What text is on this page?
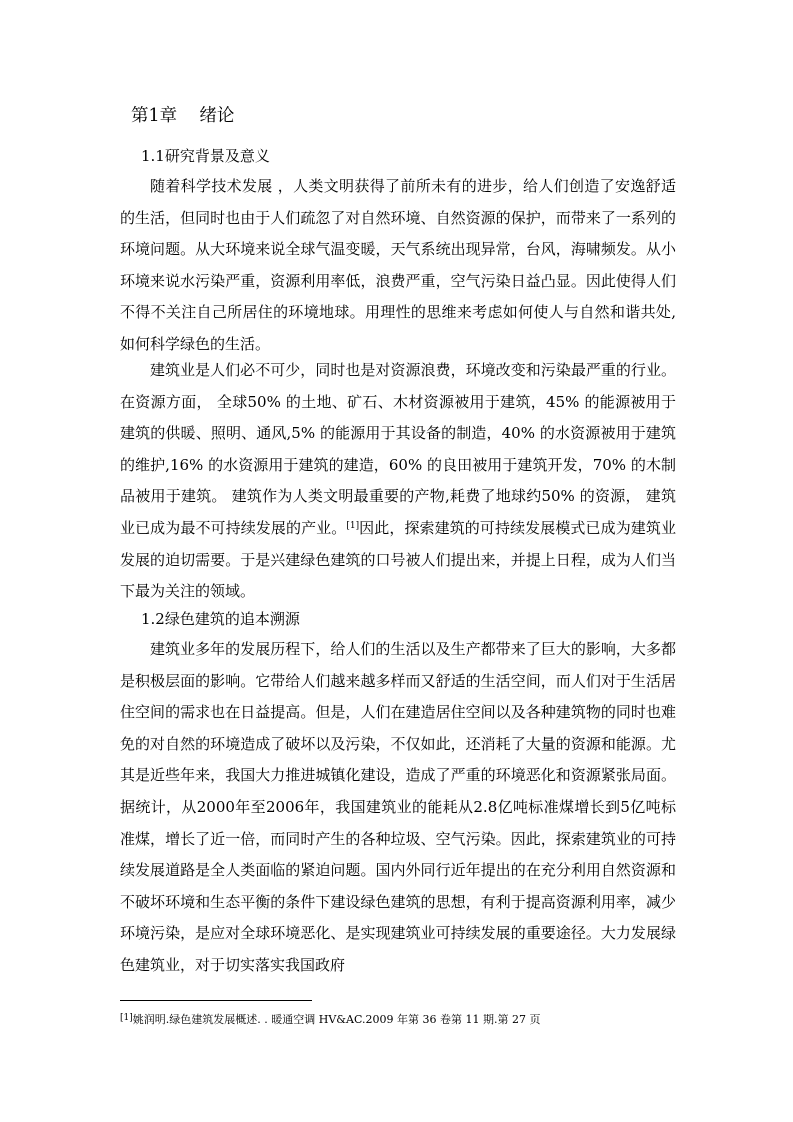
第1章    绪论
1.1研究背景及意义

随着科学技术发展 ，人类文明获得了前所未有的进步，给人们创造了安逸舒适的生活，但同时也由于人们疏忽了对自然环境、自然资源的保护，而带来了一系列的环境问题。从大环境来说全球气温变暖，天气系统出现异常，台风，海啸频发。从小环境来说水污染严重，资源利用率低，浪费严重，空气污染日益凸显。因此使得人们不得不关注自己所居住的环境地球。用理性的思维来考虑如何使人与自然和谐共处,如何科学绿色的生活。

建筑业是人们必不可少，同时也是对资源浪费，环境改变和污染最严重的行业。在资源方面， 全球50% 的土地、矿石、木材资源被用于建筑，45% 的能源被用于建筑的供暖、照明、通风,5% 的能源用于其设备的制造，40% 的水资源被用于建筑的维护,16% 的水资源用于建筑的建造，60% 的良田被用于建筑开发，70% 的木制品被用于建筑。 建筑作为人类文明最重要的产物,耗费了地球约50% 的资源， 建筑业已成为最不可持续发展的产业。[1]因此，探索建筑的可持续发展模式已成为建筑业发展的迫切需要。于是兴建绿色建筑的口号被人们提出来，并提上日程，成为人们当下最为关注的领域。

1.2绿色建筑的追本溯源

建筑业多年的发展历程下，给人们的生活以及生产都带来了巨大的影响，大多都是积极层面的影响。它带给人们越来越多样而又舒适的生活空间，而人们对于生活居住空间的需求也在日益提高。但是，人们在建造居住空间以及各种建筑物的同时也难免的对自然的环境造成了破坏以及污染，不仅如此，还消耗了大量的资源和能源。尤其是近些年来，我国大力推进城镇化建设，造成了严重的环境恶化和资源紧张局面。 据统计，从2000年至2006年，我国建筑业的能耗从2.8亿吨标准煤增长到5亿吨标准煤，增长了近一倍，而同时产生的各种垃圾、空气污染。因此，探索建筑业的可持续发展道路是全人类面临的紧迫问题。国内外同行近年提出的在充分利用自然资源和不破坏环境和生态平衡的条件下建设绿色建筑的思想，有利于提高资源利用率，减少环境污染，是应对全球环境恶化、是实现建筑业可持续发展的重要途径。大力发展绿色建筑业，对于切实落实我国政府

[1]姚润明.绿色建筑发展概述. . 暖通空调 HV&AC.2009 年第 36 卷第 11 期.第 27 页
